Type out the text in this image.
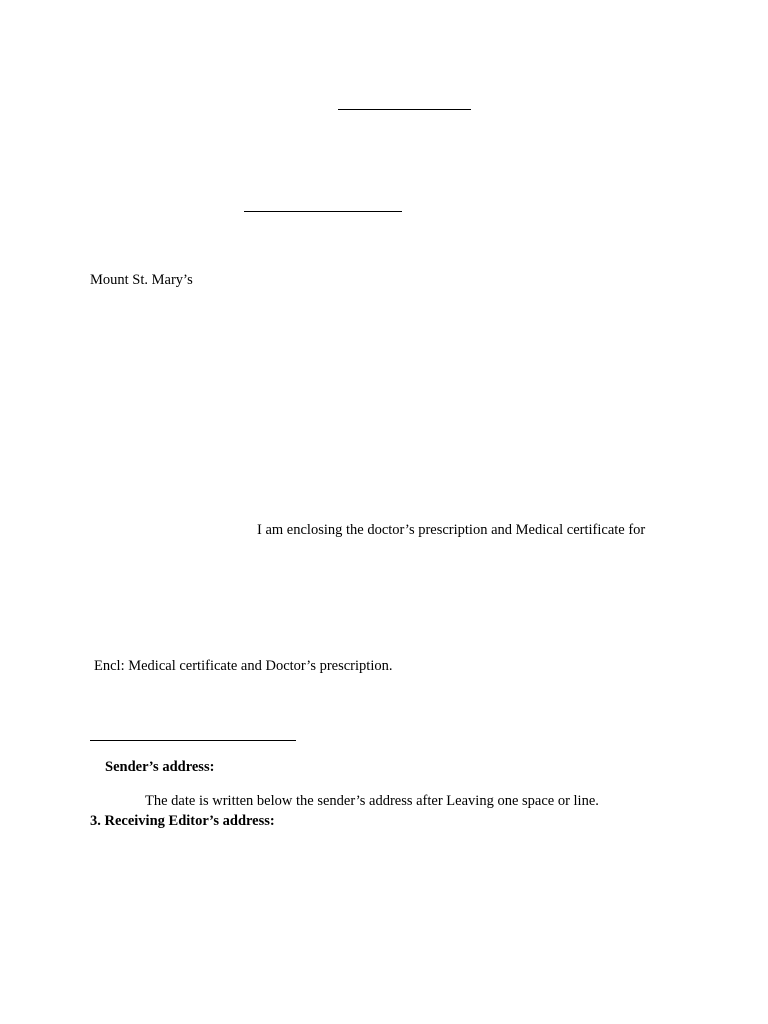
Mount St. Mary’s
I am enclosing the doctor’s prescription and Medical certificate for
Encl: Medical certificate and Doctor’s prescription.
Sender’s address:
The date is written below the sender’s address after Leaving one space or line.
3. Receiving Editor’s address:
